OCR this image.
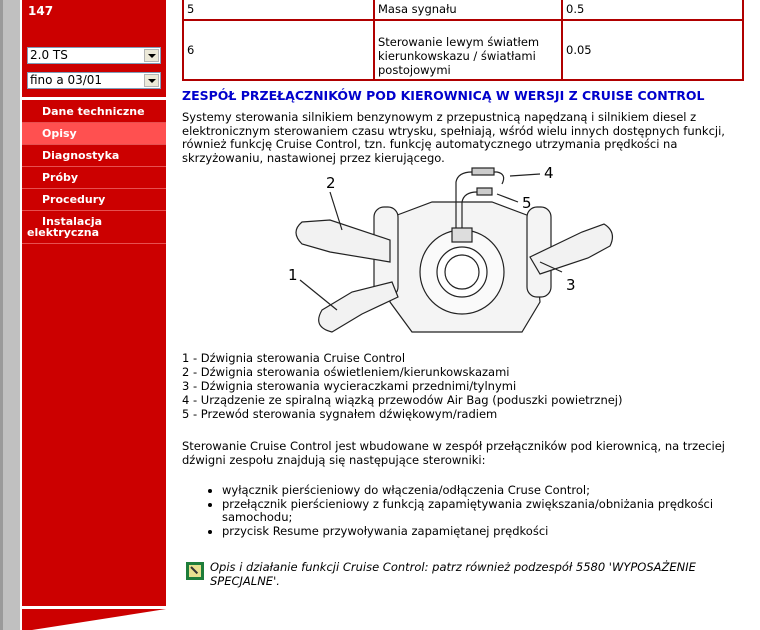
147
2.0 TS
fino a 03/01
Dane techniczne
Opisy
Diagnostyka
Próby
Procedury
Instalacja elektryczna
5	Masa sygnału	0.5
6	Sterowanie lewym światłem kierunkowskazu / światłami postojowymi	0.05
ZESPÓŁ PRZEŁĄCZNIKÓW POD KIEROWNICĄ W WERSJI Z CRUISE CONTROL
Systemy sterowania silnikiem benzynowym z przepustnicą napędzaną i silnikiem diesel z elektronicznym sterowaniem czasu wtrysku, spełniają, wśród wielu innych dostępnych funkcji, również funkcję Cruise Control, tzn. funkcję automatycznego utrzymania prędkości na skrzyżowaniu, nastawionej przez kierującego.
2
1
3
4
5
1 - Dźwignia sterowania Cruise Control
2 - Dźwignia sterowania oświetleniem/kierunkowskazami
3 - Dźwignia sterowania wycieraczkami przednimi/tylnymi
4 - Urządzenie ze spiralną wiązką przewodów Air Bag (poduszki powietrznej)
5 - Przewód sterowania sygnałem dźwiękowym/radiem
Sterowanie Cruise Control jest wbudowane w zespół przełączników pod kierownicą, na trzeciej dźwigni zespołu znajdują się następujące sterowniki:
• wyłącznik pierścieniowy do włączenia/odłączenia Cruse Control;
• przełącznik pierścieniowy z funkcją zapamiętywania zwiększania/obniżania prędkości samochodu;
• przycisk Resume przywoływania zapamiętanej prędkości
Opis i działanie funkcji Cruise Control: patrz również podzespół 5580 'WYPOSAŻENIE SPECJALNE'.
